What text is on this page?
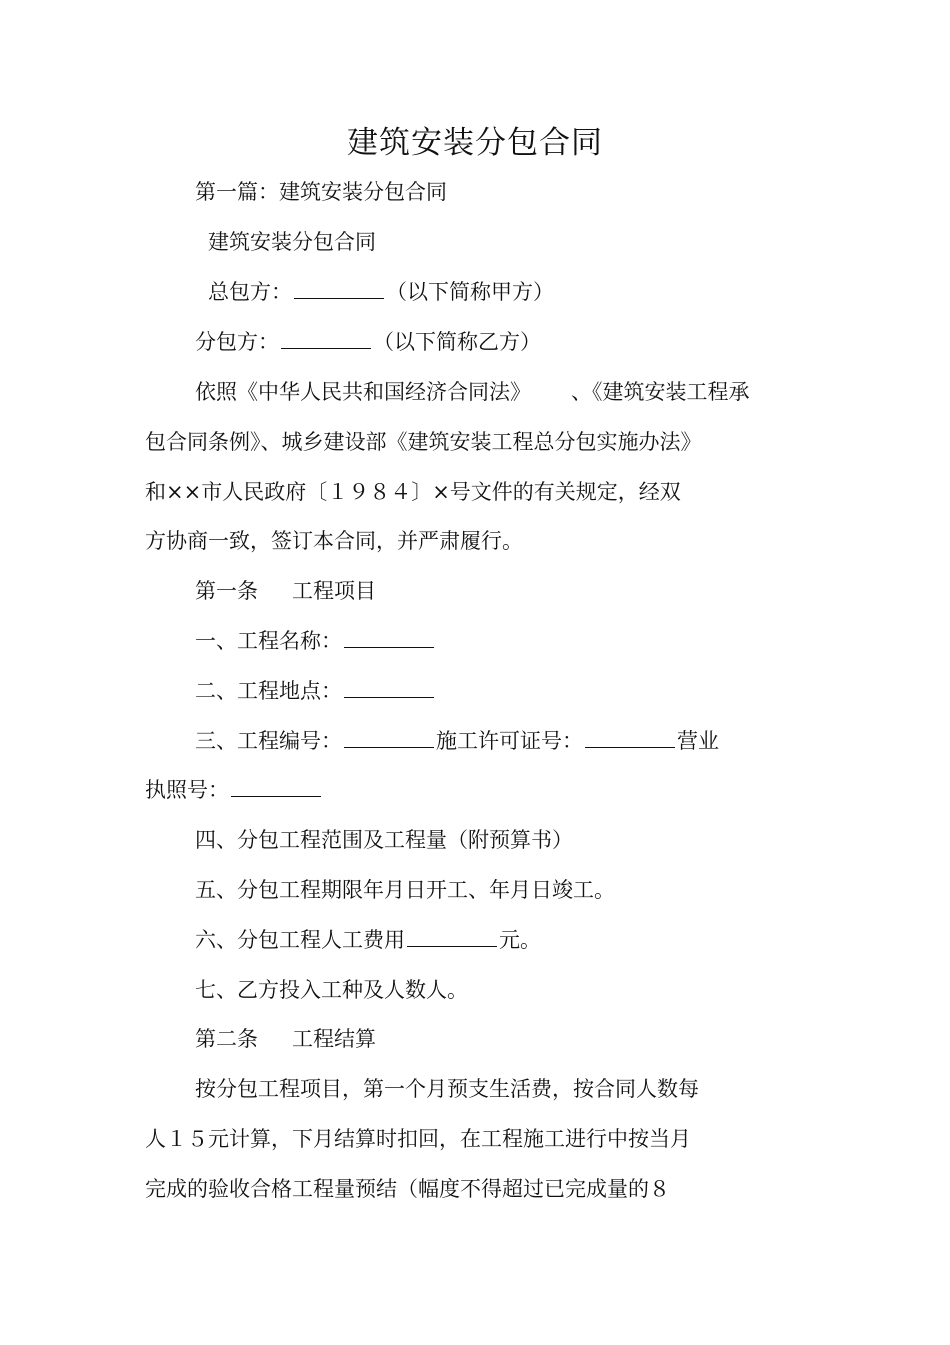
建筑安装分包合同
第一篇：建筑安装分包合同
建筑安装分包合同
总包方：	（以下简称甲方）
分包方：	（以下简称乙方）
依照《中华人民共和国经济合同法》 、《建筑安装工程承
包合同条例》、城乡建设部《建筑安装工程总分包实施办法》
和××市人民政府〔１９８４〕×号文件的有关规定，经双
方协商一致，签订本合同，并严肃履行。
第一条 工程项目
一、工程名称：
二、工程地点：
三、工程编号：	施工许可证号：	营业
执照号：
四、分包工程范围及工程量（附预算书）
五、分包工程期限年月日开工、年月日竣工。
六、分包工程人工费用	元。
七、乙方投入工种及人数人。
第二条 工程结算
按分包工程项目，第一个月预支生活费，按合同人数每
人１５元计算，下月结算时扣回，在工程施工进行中按当月
完成的验收合格工程量预结（幅度不得超过已完成量的８
